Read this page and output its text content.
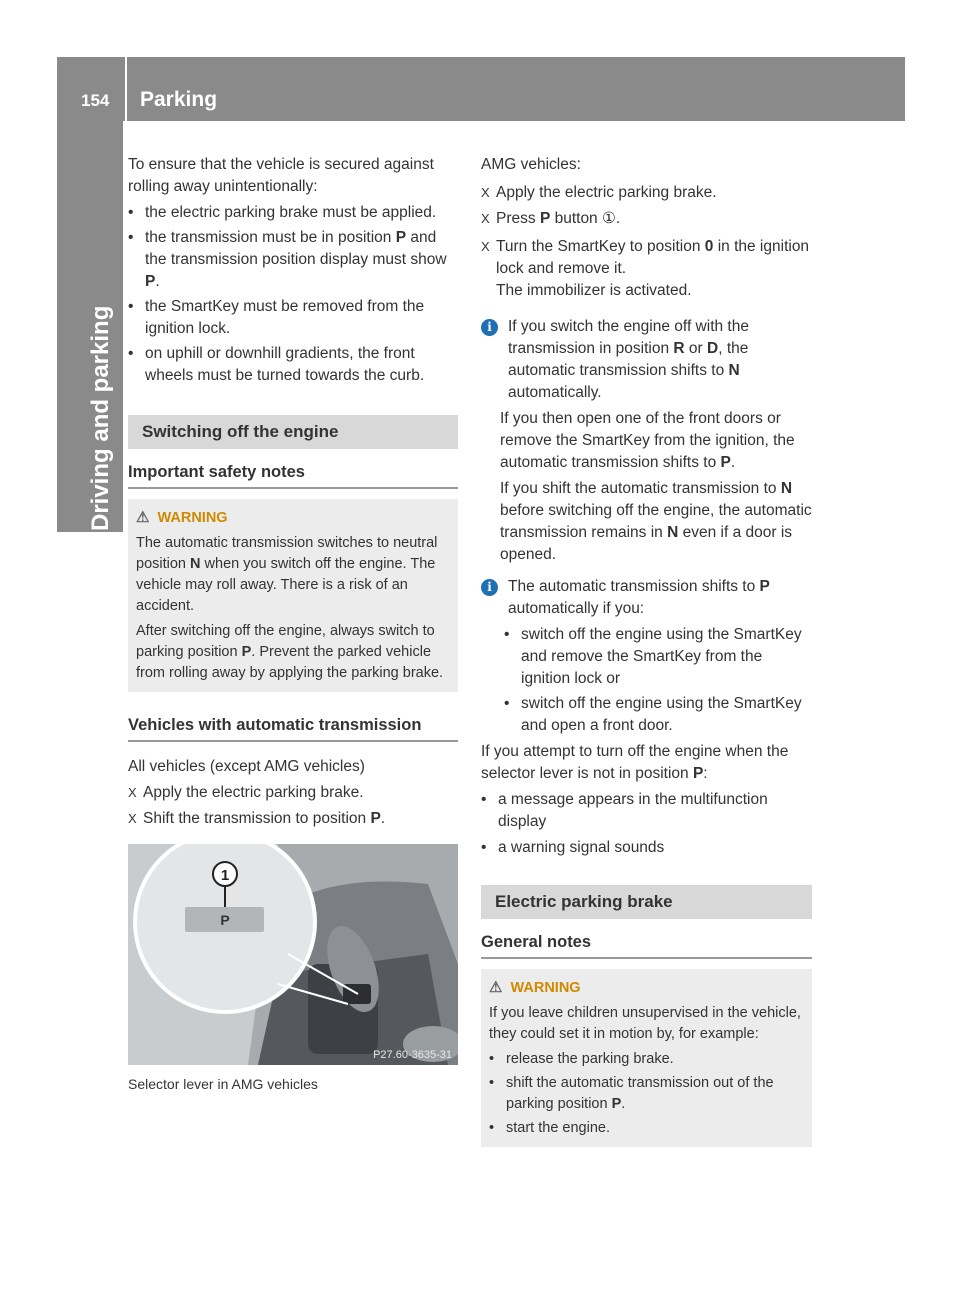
154 Parking
Driving and parking

To ensure that the vehicle is secured against rolling away unintentionally:

• the electric parking brake must be applied.

• the transmission must be in position P and the transmission position display must show P.

• the SmartKey must be removed from the ignition lock.

• on uphill or downhill gradients, the front wheels must be turned towards the curb.

Switching off the engine
Important safety notes
⚠ WARNING

The automatic transmission switches to neutral position N when you switch off the engine. The vehicle may roll away. There is a risk of an accident.

After switching off the engine, always switch to parking position P. Prevent the parked vehicle from rolling away by applying the parking brake.

Vehicles with automatic transmission

All vehicles (except AMG vehicles)

X Apply the electric parking brake.

X Shift the transmission to position P.

1
P
P27.60-3635-31

Selector lever in AMG vehicles

AMG vehicles:

X Apply the electric parking brake.

X Press P button ①.

X Turn the SmartKey to position 0 in the ignition lock and remove it.

The immobilizer is activated.

i	If you switch the engine off with the transmission in position R or D, the automatic transmission shifts to N automatically.

If you then open one of the front doors or remove the SmartKey from the ignition, the automatic transmission shifts to P.

If you shift the automatic transmission to N before switching off the engine, the automatic transmission remains in N even if a door is opened.

i	The automatic transmission shifts to P automatically if you:

• switch off the engine using the SmartKey and remove the SmartKey from the ignition lock or

• switch off the engine using the SmartKey and open a front door.

If you attempt to turn off the engine when the selector lever is not in position P:

• a message appears in the multifunction display

• a warning signal sounds

Electric parking brake
General notes
⚠ WARNING

If you leave children unsupervised in the vehicle, they could set it in motion by, for example:

• release the parking brake.

• shift the automatic transmission out of the parking position P.

• start the engine.
